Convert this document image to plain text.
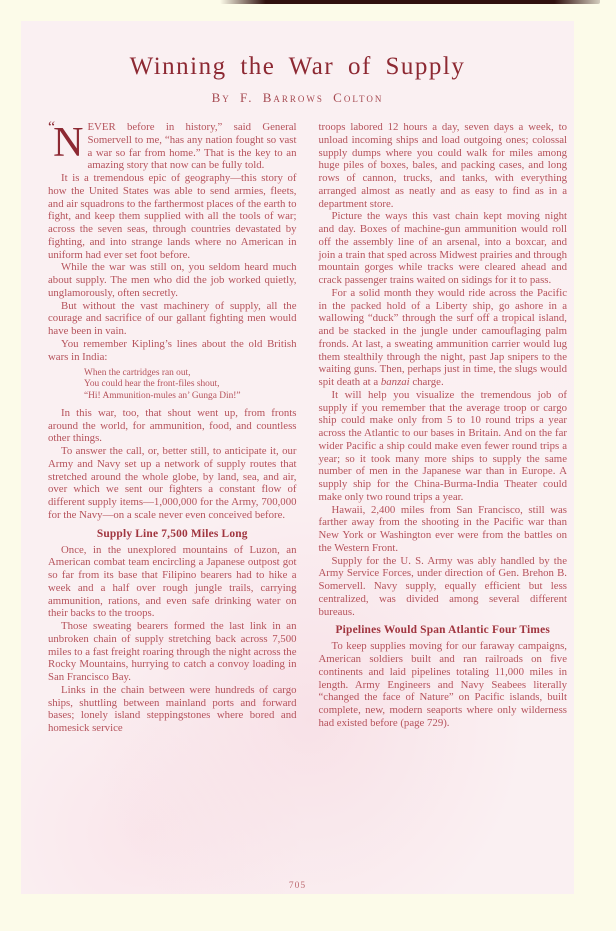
Winning the War of Supply
By F. Barrows Colton

“N EVER before in history,” said General Somervell to me, “has any nation fought so vast a war so far from home.” That is the key to an amazing story that now can be fully told.

It is a tremendous epic of geography—this story of how the United States was able to send armies, fleets, and air squadrons to the farthermost places of the earth to fight, and keep them supplied with all the tools of war; across the seven seas, through countries devastated by fighting, and into strange lands where no American in uniform had ever set foot before.

While the war was still on, you seldom heard much about supply. The men who did the job worked quietly, unglamorously, often secretly.

But without the vast machinery of supply, all the courage and sacrifice of our gallant fighting men would have been in vain.

You remember Kipling’s lines about the old British wars in India:

When the cartridges ran out,
You could hear the front-files shout,
“Hi! Ammunition-mules an’ Gunga Din!”

In this war, too, that shout went up, from fronts around the world, for ammunition, food, and countless other things.

To answer the call, or, better still, to anticipate it, our Army and Navy set up a network of supply routes that stretched around the whole globe, by land, sea, and air, over which we sent our fighters a constant flow of different supply items—1,000,000 for the Army, 700,000 for the Navy—on a scale never even conceived before.

Supply Line 7,500 Miles Long

Once, in the unexplored mountains of Luzon, an American combat team encircling a Japanese outpost got so far from its base that Filipino bearers had to hike a week and a half over rough jungle trails, carrying ammunition, rations, and even safe drinking water on their backs to the troops.

Those sweating bearers formed the last link in an unbroken chain of supply stretching back across 7,500 miles to a fast freight roaring through the night across the Rocky Mountains, hurrying to catch a convoy loading in San Francisco Bay.

Links in the chain between were hundreds of cargo ships, shuttling between mainland ports and forward bases; lonely island steppingstones where bored and homesick service

troops labored 12 hours a day, seven days a week, to unload incoming ships and load outgoing ones; colossal supply dumps where you could walk for miles among huge piles of boxes, bales, and packing cases, and long rows of cannon, trucks, and tanks, with everything arranged almost as neatly and as easy to find as in a department store.

Picture the ways this vast chain kept moving night and day. Boxes of machine-gun ammunition would roll off the assembly line of an arsenal, into a boxcar, and join a train that sped across Midwest prairies and through mountain gorges while tracks were cleared ahead and crack passenger trains waited on sidings for it to pass.

For a solid month they would ride across the Pacific in the packed hold of a Liberty ship, go ashore in a wallowing “duck” through the surf off a tropical island, and be stacked in the jungle under camouflaging palm fronds. At last, a sweating ammunition carrier would lug them stealthily through the night, past Jap snipers to the waiting guns. Then, perhaps just in time, the slugs would spit death at a banzai charge.

It will help you visualize the tremendous job of supply if you remember that the average troop or cargo ship could make only from 5 to 10 round trips a year across the Atlantic to our bases in Britain. And on the far wider Pacific a ship could make even fewer round trips a year; so it took many more ships to supply the same number of men in the Japanese war than in Europe. A supply ship for the China-Burma-India Theater could make only two round trips a year.

Hawaii, 2,400 miles from San Francisco, still was farther away from the shooting in the Pacific war than New York or Washington ever were from the battles on the Western Front.

Supply for the U. S. Army was ably handled by the Army Service Forces, under direction of Gen. Brehon B. Somervell. Navy supply, equally efficient but less centralized, was divided among several different bureaus.

Pipelines Would Span Atlantic Four Times

To keep supplies moving for our faraway campaigns, American soldiers built and ran railroads on five continents and laid pipelines totaling 11,000 miles in length. Army Engineers and Navy Seabees literally “changed the face of Nature” on Pacific islands, built complete, new, modern seaports where only wilderness had existed before (page 729).

705
